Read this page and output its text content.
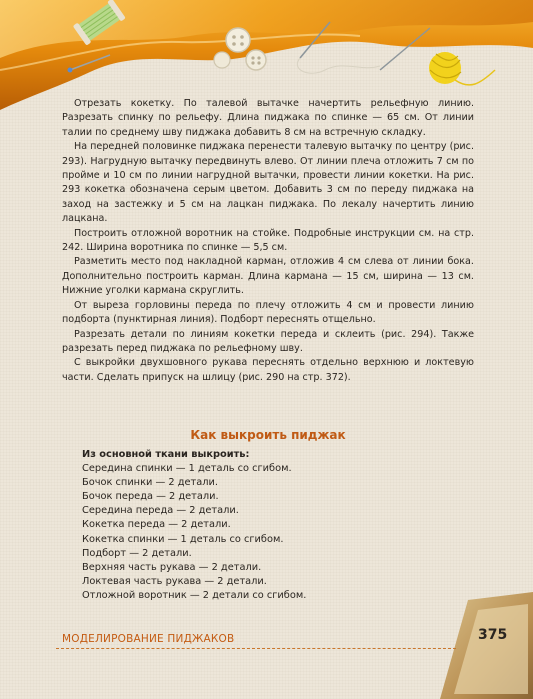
Отрезать кокетку. По талевой вытачке начертить рельефную линию. Разрезать спинку по рельефу. Длина пиджака по спинке — 65 см. От линии талии по среднему шву пиджака добавить 8 см на встречную складку.

На передней половинке пиджака перенести талевую вытачку по центру (рис. 293). Нагрудную вытачку передвинуть влево. От линии плеча отложить 7 см по пройме и 10 см по линии нагрудной вытачки, провести линии кокетки. На рис. 293 кокетка обозначена серым цветом. Добавить 3 см по переду пиджака на заход на застежку и 5 см на лацкан пиджака. По лекалу начертить линию лацкана.

Построить отложной воротник на стойке. Подробные инструкции см. на стр. 242. Ширина воротника по спинке — 5,5 см.

Разметить место под накладной карман, отложив 4 см слева от линии бока. Дополнительно построить карман. Длина кармана — 15 см, ширина — 13 см. Нижние уголки кармана скруглить.

От выреза горловины переда по плечу отложить 4 см и провести линию подборта (пунктирная линия). Подборт переснять отщельно.

Разрезать детали по линиям кокетки переда и склеить (рис. 294). Также разрезать перед пиджака по рельефному шву.

С выкройки двухшовного рукава переснять отдельно верхнюю и локтевую части. Сделать припуск на шлицу (рис. 290 на стр. 372).

Как выкроить пиджак
Из основной ткани выкроить:
Середина спинки — 1 деталь со сгибом.
Бочок спинки — 2 детали.
Бочок переда — 2 детали.
Середина переда — 2 детали.
Кокетка переда — 2 детали.
Кокетка спинки — 1 деталь со сгибом.
Подборт — 2 детали.
Верхняя часть рукава — 2 детали.
Локтевая часть рукава — 2 детали.
Отложной воротник — 2 детали со сгибом.
МОДЕЛИРОВАНИЕ ПИДЖАКОВ	375
